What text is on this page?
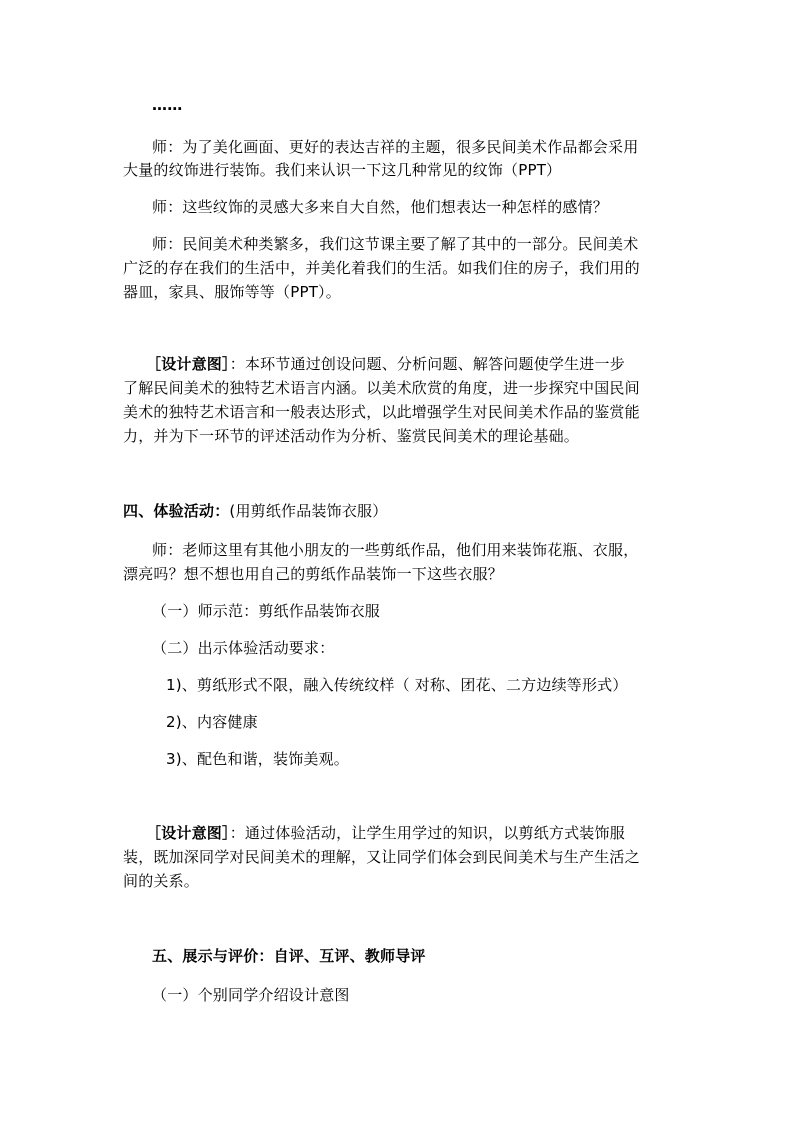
……
师：为了美化画面、更好的表达吉祥的主题，很多民间美术作品都会采用
大量的纹饰进行装饰。我们来认识一下这几种常见的纹饰（PPT）
师：这些纹饰的灵感大多来自大自然，他们想表达一种怎样的感情？
师：民间美术种类繁多，我们这节课主要了解了其中的一部分。民间美术
广泛的存在我们的生活中，并美化着我们的生活。如我们住的房子，我们用的
器皿，家具、服饰等等（PPT）。
［设计意图］：本环节通过创设问题、分析问题、解答问题使学生进一步
了解民间美术的独特艺术语言内涵。以美术欣赏的角度，进一步探究中国民间
美术的独特艺术语言和一般表达形式，以此增强学生对民间美术作品的鉴赏能
力，并为下一环节的评述活动作为分析、鉴赏民间美术的理论基础。
四、体验活动：(用剪纸作品装饰衣服）
师：老师这里有其他小朋友的一些剪纸作品，他们用来装饰花瓶、衣服，
漂亮吗？想不想也用自己的剪纸作品装饰一下这些衣服？
（一）师示范：剪纸作品装饰衣服
（二）出示体验活动要求：
1)、剪纸形式不限，融入传统纹样（ 对称、团花、二方边续等形式）
2)、内容健康
3)、配色和谐，装饰美观。
［设计意图］：通过体验活动，让学生用学过的知识，以剪纸方式装饰服
装，既加深同学对民间美术的理解，又让同学们体会到民间美术与生产生活之
间的关系。
五、展示与评价：自评、互评、教师导评
（一）个别同学介绍设计意图
